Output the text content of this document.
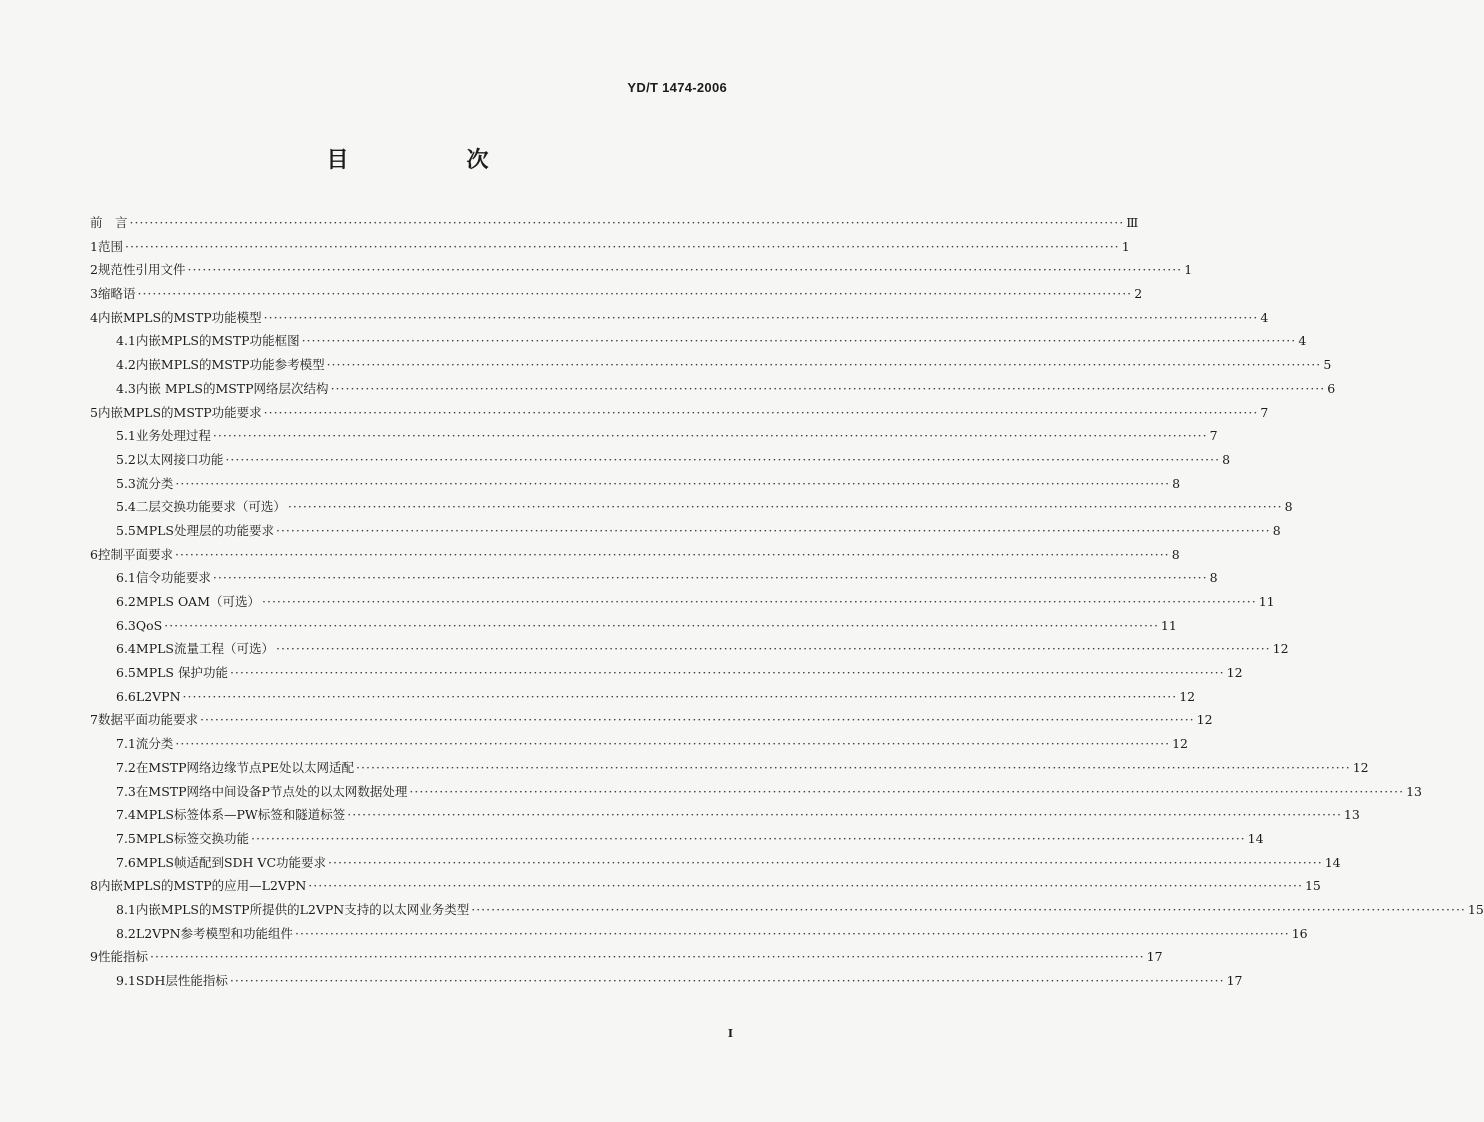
YD/T 1474-2006
目　次
前　言 ········································································································································································································ Ⅲ
1 范围 ········································································································································································································ 1
2 规范性引用文件 ········································································································································································································ 1
3 缩略语 ········································································································································································································ 2
4 内嵌MPLS的MSTP功能模型 ········································································································································································································ 4
4.1 内嵌MPLS的MSTP功能框图 ········································································································································································································ 4
4.2 内嵌MPLS的MSTP功能参考模型 ········································································································································································································ 5
4.3 内嵌 MPLS的MSTP网络层次结构 ········································································································································································································ 6
5 内嵌MPLS的MSTP功能要求 ········································································································································································································ 7
5.1 业务处理过程 ········································································································································································································ 7
5.2 以太网接口功能 ········································································································································································································ 8
5.3 流分类 ········································································································································································································ 8
5.4 二层交换功能要求（可选） ········································································································································································································ 8
5.5 MPLS处理层的功能要求 ········································································································································································································ 8
6 控制平面要求 ········································································································································································································ 8
6.1 信令功能要求 ········································································································································································································ 8
6.2 MPLS OAM（可选） ········································································································································································································ 11
6.3 QoS ········································································································································································································ 11
6.4 MPLS流量工程（可选） ········································································································································································································ 12
6.5 MPLS 保护功能 ········································································································································································································ 12
6.6 L2VPN ········································································································································································································ 12
7 数据平面功能要求 ········································································································································································································ 12
7.1 流分类 ········································································································································································································ 12
7.2 在MSTP网络边缘节点PE处以太网适配 ········································································································································································································ 12
7.3 在MSTP网络中间设备P节点处的以太网数据处理 ········································································································································································································ 13
7.4 MPLS标签体系—PW标签和隧道标签 ········································································································································································································ 13
7.5 MPLS标签交换功能 ········································································································································································································ 14
7.6 MPLS帧适配到SDH VC功能要求 ········································································································································································································ 14
8 内嵌MPLS的MSTP的应用—L2VPN ········································································································································································································ 15
8.1 内嵌MPLS的MSTP所提供的L2VPN支持的以太网业务类型 ········································································································································································································ 15
8.2 L2VPN参考模型和功能组件 ········································································································································································································ 16
9 性能指标 ········································································································································································································ 17
9.1 SDH层性能指标 ········································································································································································································ 17
I
